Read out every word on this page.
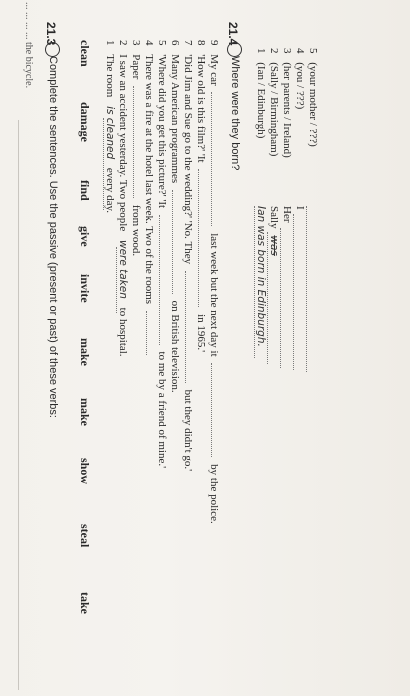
... ... ... ... the bicycle. 21.3
Complete the sentences. Use the passive (present or past) of these verbs:
clean
damage
find
give
invite
make
make
show
steal
take
1 The room is cleaned every day.
2 I saw an accident yesterday. Two people were taken to hospital.
3 Paper  from wood.
4 There was a fire at the hotel last week. Two of the rooms
5 'Where did you get this picture?' 'It  to me by a friend of mine.'
6 Many American programmes  on British television.
7 'Did Jim and Sue go to the wedding?' 'No. They  but they didn't go.'
8 'How old is this film?' 'It  in 1965.'
9 My car  last week but the next day it  by the police.
21.4
Where were they born?
1 (Ian / Edinburgh)
Ian was born in Edinburgh.
2 (Sally / Birmingham)
Sally was
3 (her parents / Ireland)
Her
4 (you / ???)
I
5 (your mother / ???)
